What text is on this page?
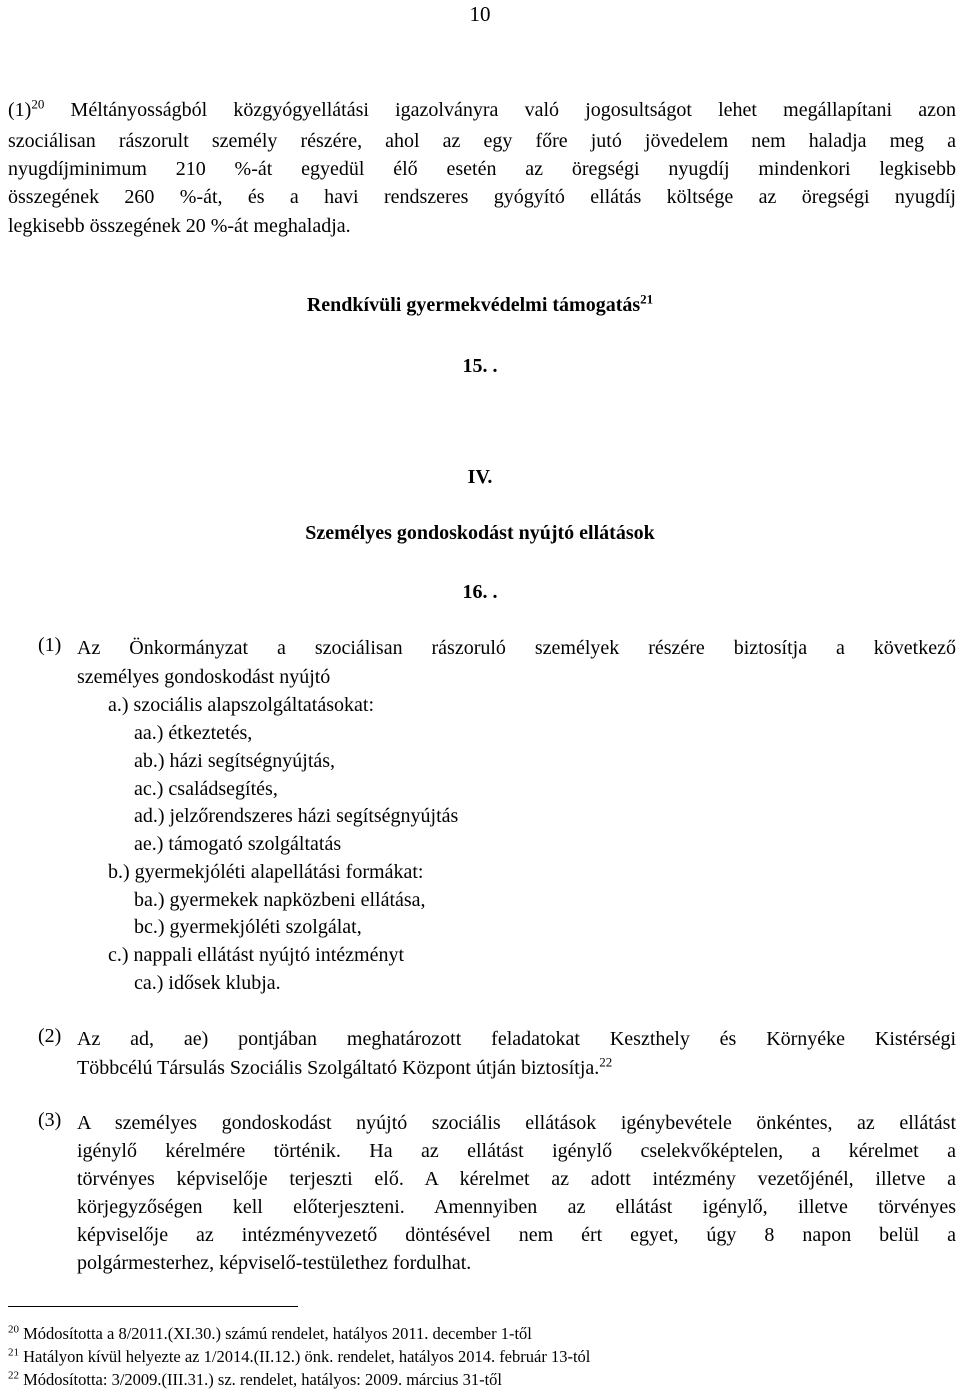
10
$(1)^{20}$ Méltányosságból közgyógyellátási igazolványra való jogosultságot lehet megállapítani azon
szociálisan rászorult személy részére, ahol az egy főre jutó jövedelem nem haladja meg a
nyugdíjminimum 210 %-át egyedül élő esetén az öregségi nyugdíj mindenkori legkisebb
összegének 260 %-át, és a havi rendszeres gyógyító ellátás költsége az öregségi nyugdíj
legkisebb összegének 20 %-át meghaladja.
Rendkívüli gyermekvédelmi támogatás$^{21}$
15. .
IV.
Személyes gondoskodást nyújtó ellátások
16. .
(1) Az Önkormányzat a szociálisan rászoruló személyek részére biztosítja a következő
személyes gondoskodást nyújtó
a.) szociális alapszolgáltatásokat:
aa.) étkeztetés,
ab.) házi segítségnyújtás,
ac.) családsegítés,
ad.) jelzőrendszeres házi segítségnyújtás
ae.) támogató szolgáltatás
b.) gyermekjóléti alapellátási formákat:
ba.) gyermekek napközbeni ellátása,
bc.) gyermekjóléti szolgálat,
c.) nappali ellátást nyújtó intézményt
ca.) idősek klubja.
(2) Az ad, ae) pontjában meghatározott feladatokat Keszthely és Környéke Kistérségi
Többcélú Társulás Szociális Szolgáltató Központ útján biztosítja.$^{22}$
(3) A személyes gondoskodást nyújtó szociális ellátások igénybevétele önkéntes, az ellátást
igénylő kérelmére történik. Ha az ellátást igénylő cselekvőképtelen, a kérelmet a
törvényes képviselője terjeszti elő. A kérelmet az adott intézmény vezetőjénél, illetve a
körjegyzőségen kell előterjeszteni. Amennyiben az ellátást igénylő, illetve törvényes
képviselője az intézményvezető döntésével nem ért egyet, úgy 8 napon belül a
polgármesterhez, képviselő-testülethez fordulhat.
$^{20}$ Módosította a 8/2011.(XI.30.) számú rendelet, hatályos 2011. december 1-től
$^{21}$ Hatályon kívül helyezte az 1/2014.(II.12.) önk. rendelet, hatályos 2014. február 13-tól
$^{22}$ Módosította: 3/2009.(III.31.) sz. rendelet, hatályos: 2009. március 31-től
